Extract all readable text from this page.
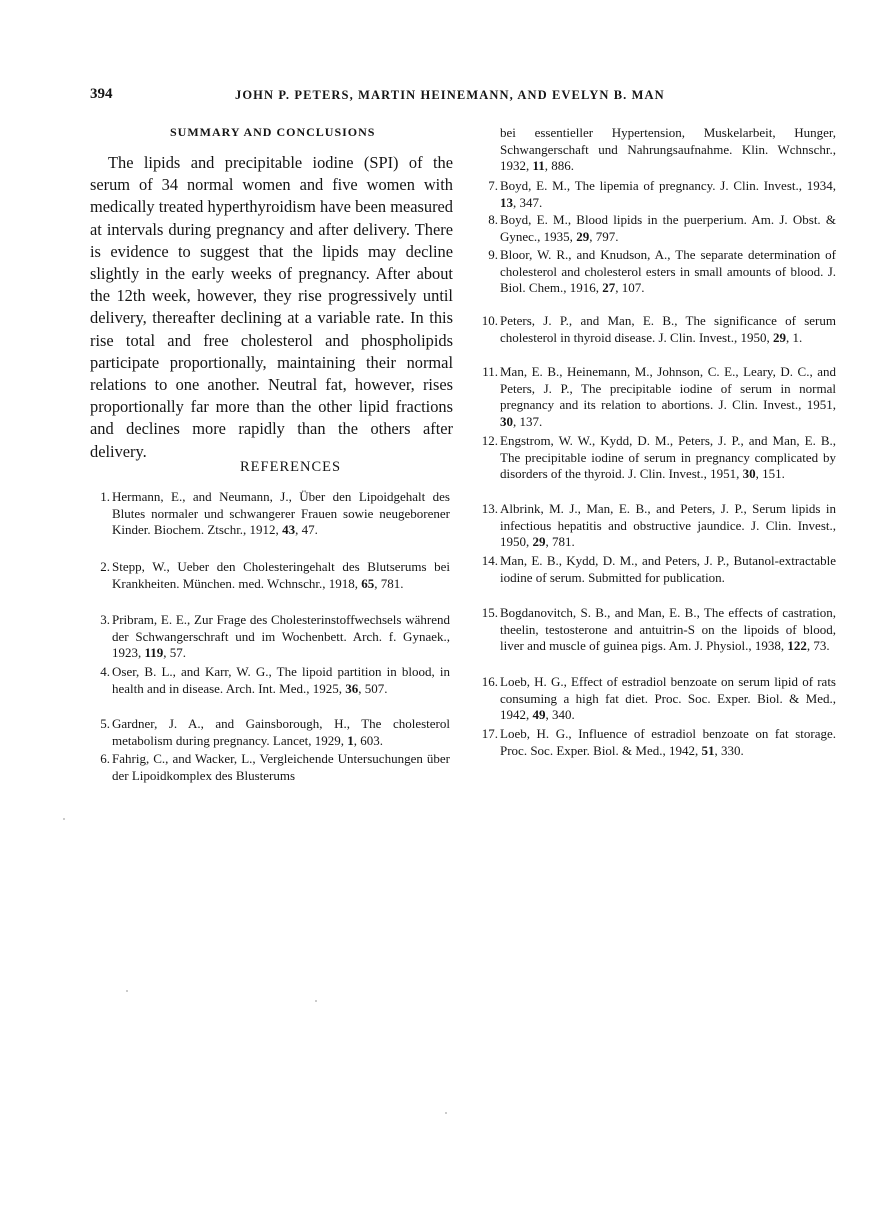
394	JOHN P. PETERS, MARTIN HEINEMANN, AND EVELYN B. MAN
SUMMARY AND CONCLUSIONS

The lipids and precipitable iodine (SPI) of the serum of 34 normal women and five women with medically treated hyperthyroidism have been measured at intervals during pregnancy and after delivery. There is evidence to suggest that the lipids may decline slightly in the early weeks of pregnancy. After about the 12th week, however, they rise progressively until delivery, thereafter declining at a variable rate. In this rise total and free cholesterol and phospholipids participate proportionally, maintaining their normal relations to one another. Neutral fat, however, rises proportionally far more than the other lipid fractions and declines more rapidly than the others after delivery.

REFERENCES

1. Hermann, E., and Neumann, J., Über den Lipoidgehalt des Blutes normaler und schwangerer Frauen sowie neugeborener Kinder. Biochem. Ztschr., 1912, 43, 47.

2. Stepp, W., Ueber den Cholesteringehalt des Blutserums bei Krankheiten. München. med. Wchnschr., 1918, 65, 781.

3. Pribram, E. E., Zur Frage des Cholesterinstoffwechsels während der Schwangerschraft und im Wochenbett. Arch. f. Gynaek., 1923, 119, 57.

4. Oser, B. L., and Karr, W. G., The lipoid partition in blood, in health and in disease. Arch. Int. Med., 1925, 36, 507.

5. Gardner, J. A., and Gainsborough, H., The cholesterol metabolism during pregnancy. Lancet, 1929, 1, 603.

6. Fahrig, C., and Wacker, L., Vergleichende Untersuchungen über der Lipoidkomplex des Blusterums

bei essentieller Hypertension, Muskelarbeit, Hunger, Schwangerschaft und Nahrungsaufnahme. Klin. Wchnschr., 1932, 11, 886.

7. Boyd, E. M., The lipemia of pregnancy. J. Clin. Invest., 1934, 13, 347.

8. Boyd, E. M., Blood lipids in the puerperium. Am. J. Obst. & Gynec., 1935, 29, 797.

9. Bloor, W. R., and Knudson, A., The separate determination of cholesterol and cholesterol esters in small amounts of blood. J. Biol. Chem., 1916, 27, 107.

10. Peters, J. P., and Man, E. B., The significance of serum cholesterol in thyroid disease. J. Clin. Invest., 1950, 29, 1.

11. Man, E. B., Heinemann, M., Johnson, C. E., Leary, D. C., and Peters, J. P., The precipitable iodine of serum in normal pregnancy and its relation to abortions. J. Clin. Invest., 1951, 30, 137.

12. Engstrom, W. W., Kydd, D. M., Peters, J. P., and Man, E. B., The precipitable iodine of serum in pregnancy complicated by disorders of the thyroid. J. Clin. Invest., 1951, 30, 151.

13. Albrink, M. J., Man, E. B., and Peters, J. P., Serum lipids in infectious hepatitis and obstructive jaundice. J. Clin. Invest., 1950, 29, 781.

14. Man, E. B., Kydd, D. M., and Peters, J. P., Butanol-extractable iodine of serum. Submitted for publication.

15. Bogdanovitch, S. B., and Man, E. B., The effects of castration, theelin, testosterone and antuitrin-S on the lipoids of blood, liver and muscle of guinea pigs. Am. J. Physiol., 1938, 122, 73.

16. Loeb, H. G., Effect of estradiol benzoate on serum lipid of rats consuming a high fat diet. Proc. Soc. Exper. Biol. & Med., 1942, 49, 340.

17. Loeb, H. G., Influence of estradiol benzoate on fat storage. Proc. Soc. Exper. Biol. & Med., 1942, 51, 330.
